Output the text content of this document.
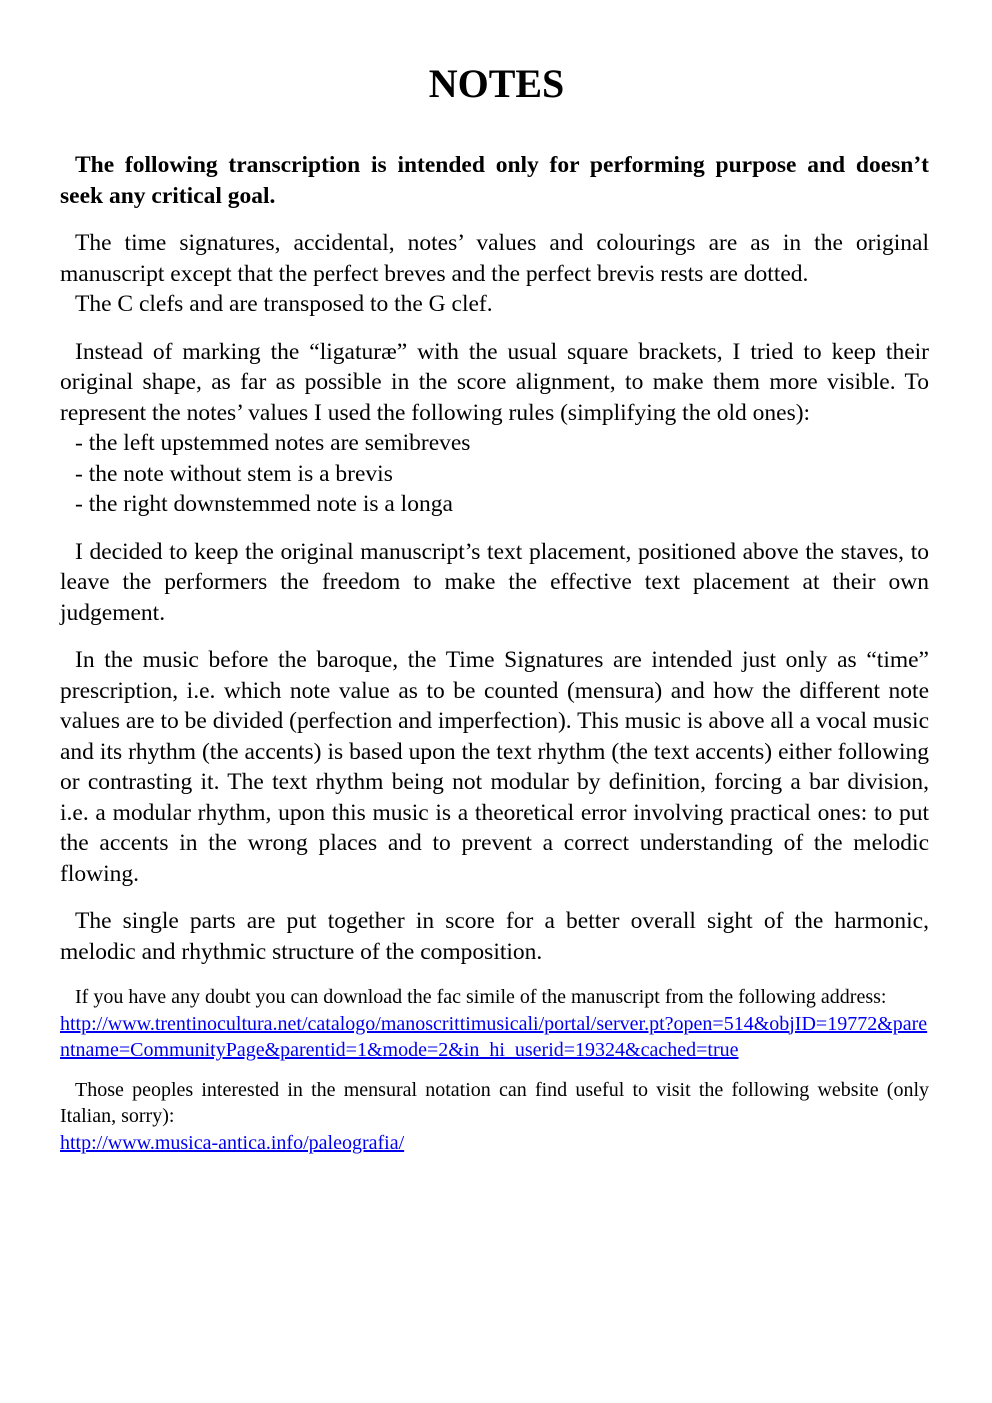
NOTES

The following transcription is intended only for performing purpose and doesn’t seek any critical goal.

The time signatures, accidental, notes’ values and colourings are as in the original manuscript except that the perfect breves and the perfect brevis rests are dotted.

The C clefs and are transposed to the G clef.

Instead of marking the “ligaturæ” with the usual square brackets, I tried to keep their original shape, as far as possible in the score alignment, to make them more visible. To represent the notes’ values I used the following rules (simplifying the old ones):

- the left upstemmed notes are semibreves

- the note without stem is a brevis

- the right downstemmed note is a longa

I decided to keep the original manuscript’s text placement, positioned above the staves, to leave the performers the freedom to make the effective text placement at their own judgement.

In the music before the baroque, the Time Signatures are intended just only as “time” prescription, i.e. which note value as to be counted (mensura) and how the different note values are to be divided (perfection and imperfection). This music is above all a vocal music and its rhythm (the accents) is based upon the text rhythm (the text accents) either following or contrasting it. The text rhythm being not modular by definition, forcing a bar division, i.e. a modular rhythm, upon this music is a theoretical error involving practical ones: to put the accents in the wrong places and to prevent a correct understanding of the melodic flowing.

The single parts are put together in score for a better overall sight of the harmonic, melodic and rhythmic structure of the composition.

If you have any doubt you can download the fac simile of the manuscript from the following address:

http://www.trentinocultura.net/catalogo/manoscrittimusicali/portal/server.pt?open=514&objID=19772&parentname=CommunityPage&parentid=1&mode=2&in_hi_userid=19324&cached=true

Those peoples interested in the mensural notation can find useful to visit the following website (only Italian, sorry):

http://www.musica-antica.info/paleografia/
